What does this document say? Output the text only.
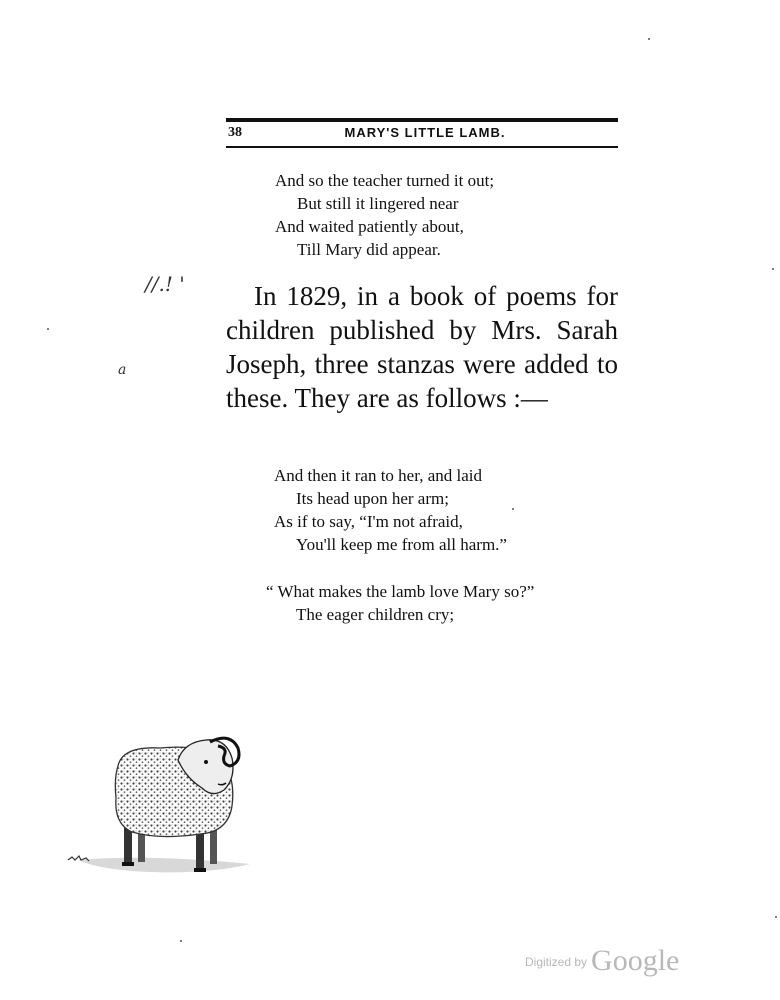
38	MARY'S LITTLE LAMB.
And so the teacher turned it out;
But still it lingered near
And waited patiently about,
Till Mary did appear.
//.! '
a

In 1829, in a book of poems for children published by Mrs. Sarah Joseph, three stanzas were added to these. They are as follows :—

And then it ran to her, and laid
Its head upon her arm;
As if to say, “I'm not afraid,
You'll keep me from all harm.”
“ What makes the lamb love Mary so?”
The eager children cry;
$^{Digitized by}$ Google
